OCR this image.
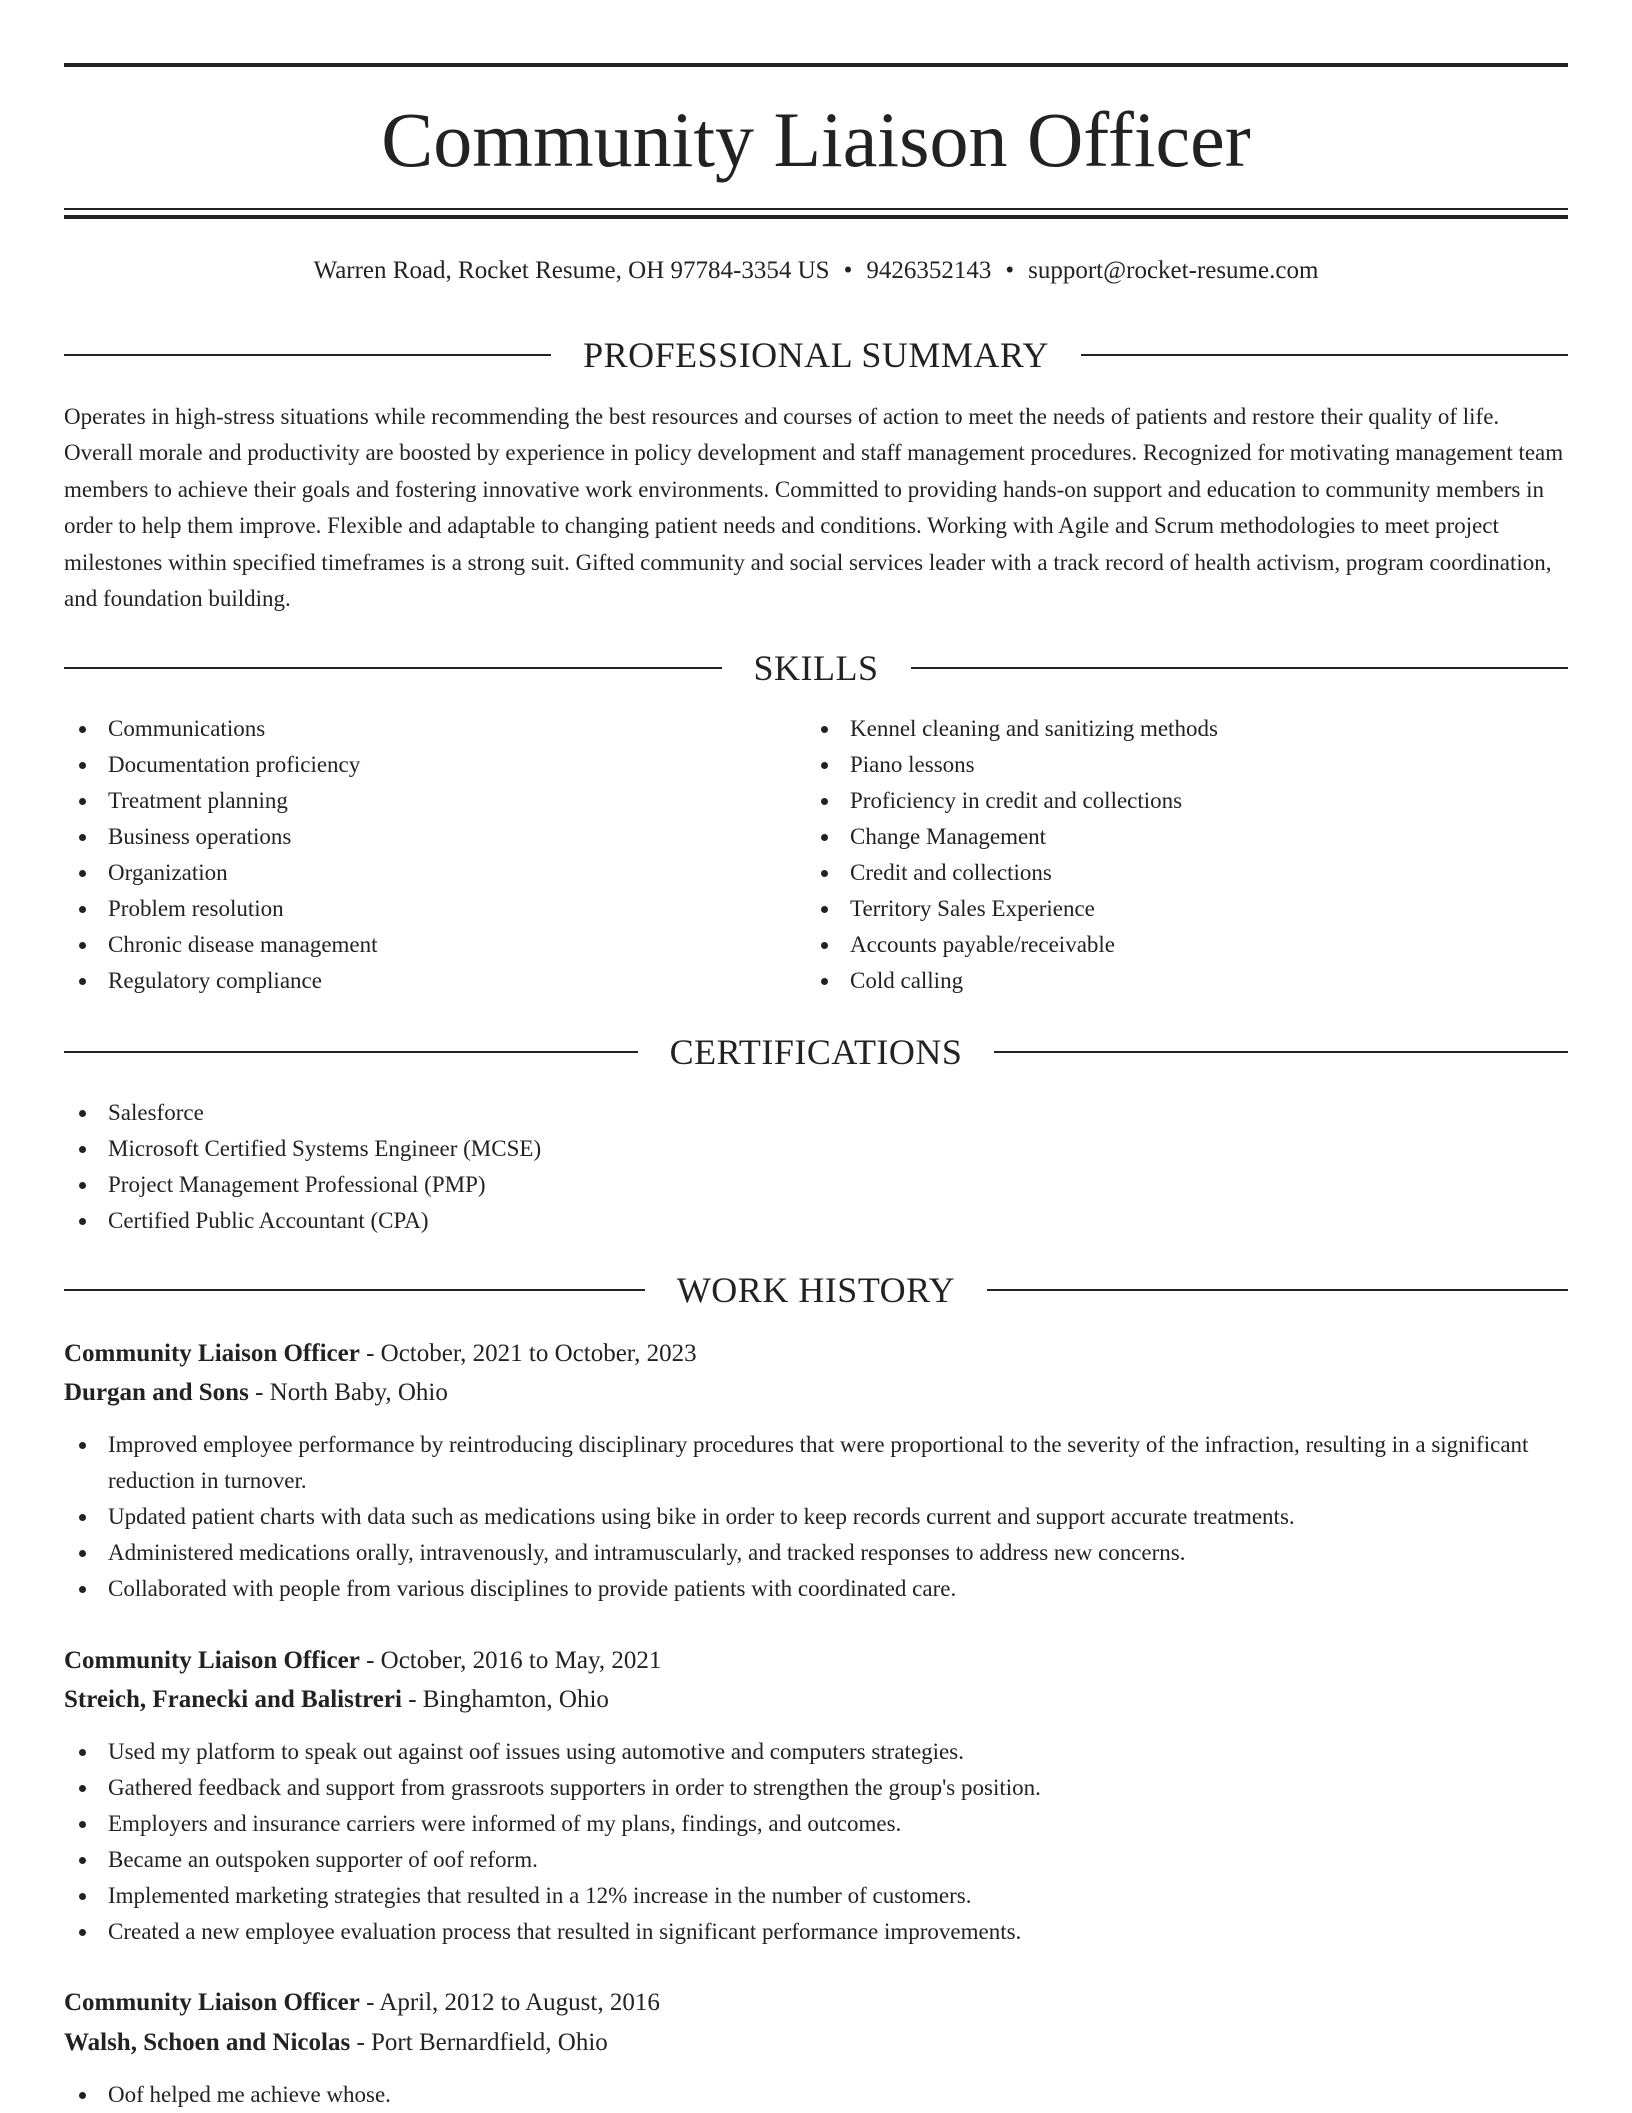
Community Liaison Officer
Warren Road, Rocket Resume, OH 97784-3354 US • 9426352143 • support@rocket-resume.com
PROFESSIONAL SUMMARY

Operates in high-stress situations while recommending the best resources and courses of action to meet the needs of patients and restore their quality of life. Overall morale and productivity are boosted by experience in policy development and staff management procedures. Recognized for motivating management team members to achieve their goals and fostering innovative work environments. Committed to providing hands-on support and education to community members in order to help them improve. Flexible and adaptable to changing patient needs and conditions. Working with Agile and Scrum methodologies to meet project milestones within specified timeframes is a strong suit. Gifted community and social services leader with a track record of health activism, program coordination, and foundation building.

SKILLS
Communications
Documentation proficiency
Treatment planning
Business operations
Organization
Problem resolution
Chronic disease management
Regulatory compliance
Kennel cleaning and sanitizing methods
Piano lessons
Proficiency in credit and collections
Change Management
Credit and collections
Territory Sales Experience
Accounts payable/receivable
Cold calling
CERTIFICATIONS
Salesforce
Microsoft Certified Systems Engineer (MCSE)
Project Management Professional (PMP)
Certified Public Accountant (CPA)
WORK HISTORY
Community Liaison Officer - October, 2021 to October, 2023
Durgan and Sons - North Baby, Ohio
Improved employee performance by reintroducing disciplinary procedures that were proportional to the severity of the infraction, resulting in a significant reduction in turnover.
Updated patient charts with data such as medications using bike in order to keep records current and support accurate treatments.
Administered medications orally, intravenously, and intramuscularly, and tracked responses to address new concerns.
Collaborated with people from various disciplines to provide patients with coordinated care.
Community Liaison Officer - October, 2016 to May, 2021
Streich, Franecki and Balistreri - Binghamton, Ohio
Used my platform to speak out against oof issues using automotive and computers strategies.
Gathered feedback and support from grassroots supporters in order to strengthen the group's position.
Employers and insurance carriers were informed of my plans, findings, and outcomes.
Became an outspoken supporter of oof reform.
Implemented marketing strategies that resulted in a 12% increase in the number of customers.
Created a new employee evaluation process that resulted in significant performance improvements.
Community Liaison Officer - April, 2012 to August, 2016
Walsh, Schoen and Nicolas - Port Bernardfield, Ohio
Oof helped me achieve whose.
